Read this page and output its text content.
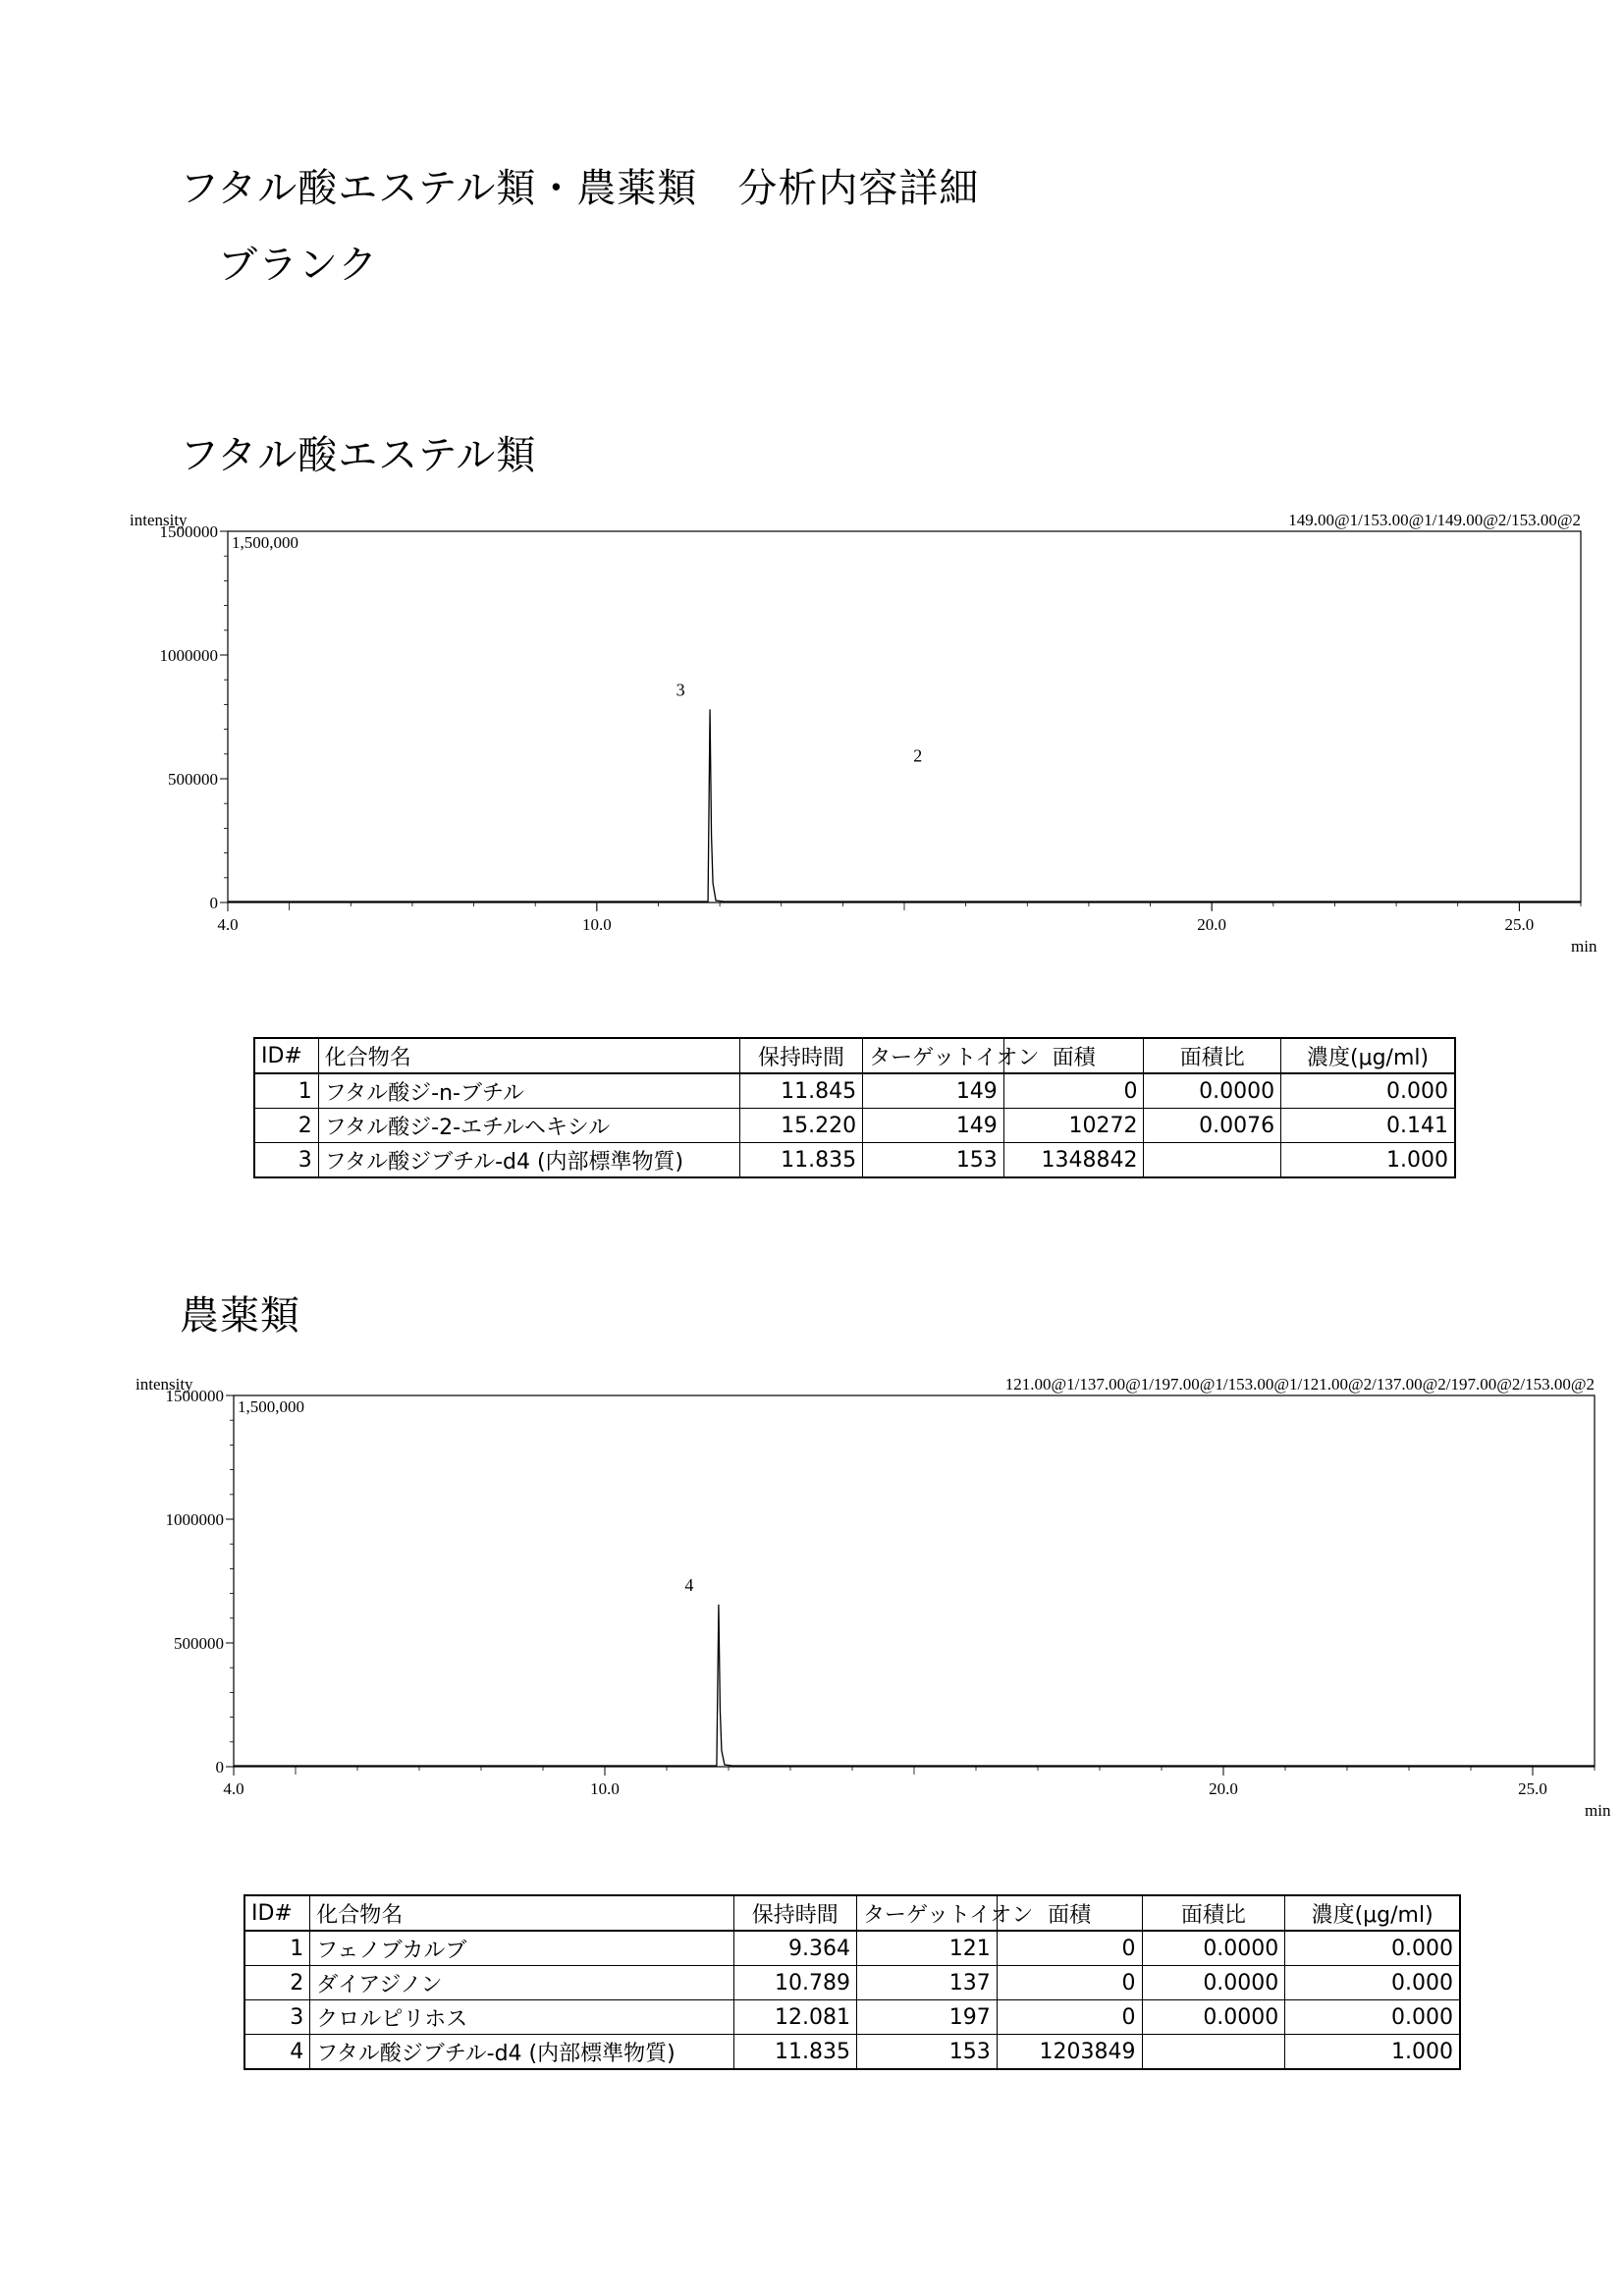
フタル酸エステル類・農薬類　分析内容詳細
ブランク
フタル酸エステル類
intensity	149.00@1/153.00@1/149.00@2/153.00@2
1,500,000
1500000
1000000
500000
0
4.0	10.0	20.0	25.0
min
3
2
ID#	化合物名	保持時間	ターゲットイオン	面積	面積比	濃度(μg/ml)
1	フタル酸ジ-n-ブチル	11.845	149	0	0.0000	0.000
2	フタル酸ジ-2-エチルヘキシル	15.220	149	10272	0.0076	0.141
3	フタル酸ジブチル-d4 (内部標準物質)	11.835	153	1348842		1.000
農薬類
intensity	121.00@1/137.00@1/197.00@1/153.00@1/121.00@2/137.00@2/197.00@2/153.00@2
1,500,000
1500000
1000000
500000
0
4.0	10.0	20.0	25.0
min
4
ID#	化合物名	保持時間	ターゲットイオン	面積	面積比	濃度(μg/ml)
1	フェノブカルブ	9.364	121	0	0.0000	0.000
2	ダイアジノン	10.789	137	0	0.0000	0.000
3	クロルピリホス	12.081	197	0	0.0000	0.000
4	フタル酸ジブチル-d4 (内部標準物質)	11.835	153	1203849		1.000
